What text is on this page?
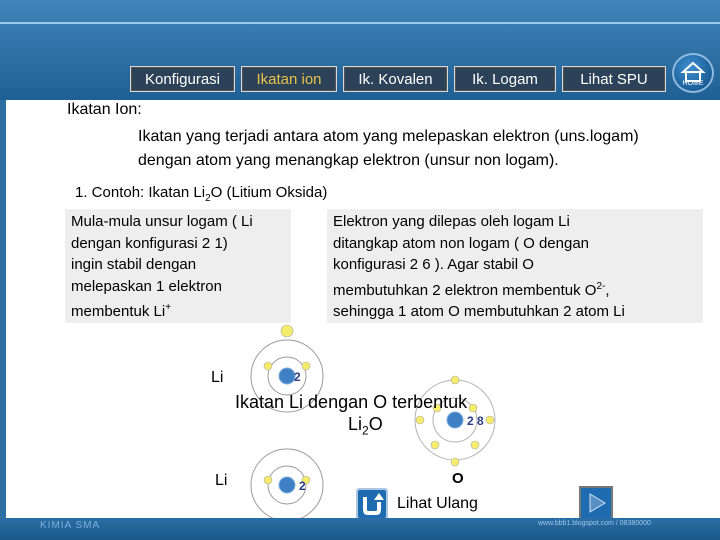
Konfigurasi	Ikatan ion	Ik. Kovalen	Ik. Logam	Lihat SPU	HOME
Ikatan Ion:
Ikatan yang terjadi antara atom yang melepaskan elektron (uns.logam)
dengan atom yang menangkap elektron (unsur non logam).
1. Contoh: Ikatan $Li_2O$ (Litium Oksida)

Mula-mula unsur logam ( Li

dengan konfigurasi 2 1)

ingin stabil dengan

melepaskan 1 elektron

membentuk Li+

Elektron yang dilepas oleh logam Li

ditangkap atom non logam ( O dengan

konfigurasi 2 6 ). Agar stabil O

membutuhkan 2 elektron membentuk $O^{2-}$,

sehingga 1 atom O membutuhkan 2 atom Li

Li	2
Li	2
2 8
O
Ikatan Li dengan O terbentuk
$Li_2O$
Lihat Ulang
KIMIA SMA	www.bbb1.blogspot.com / 08380000
